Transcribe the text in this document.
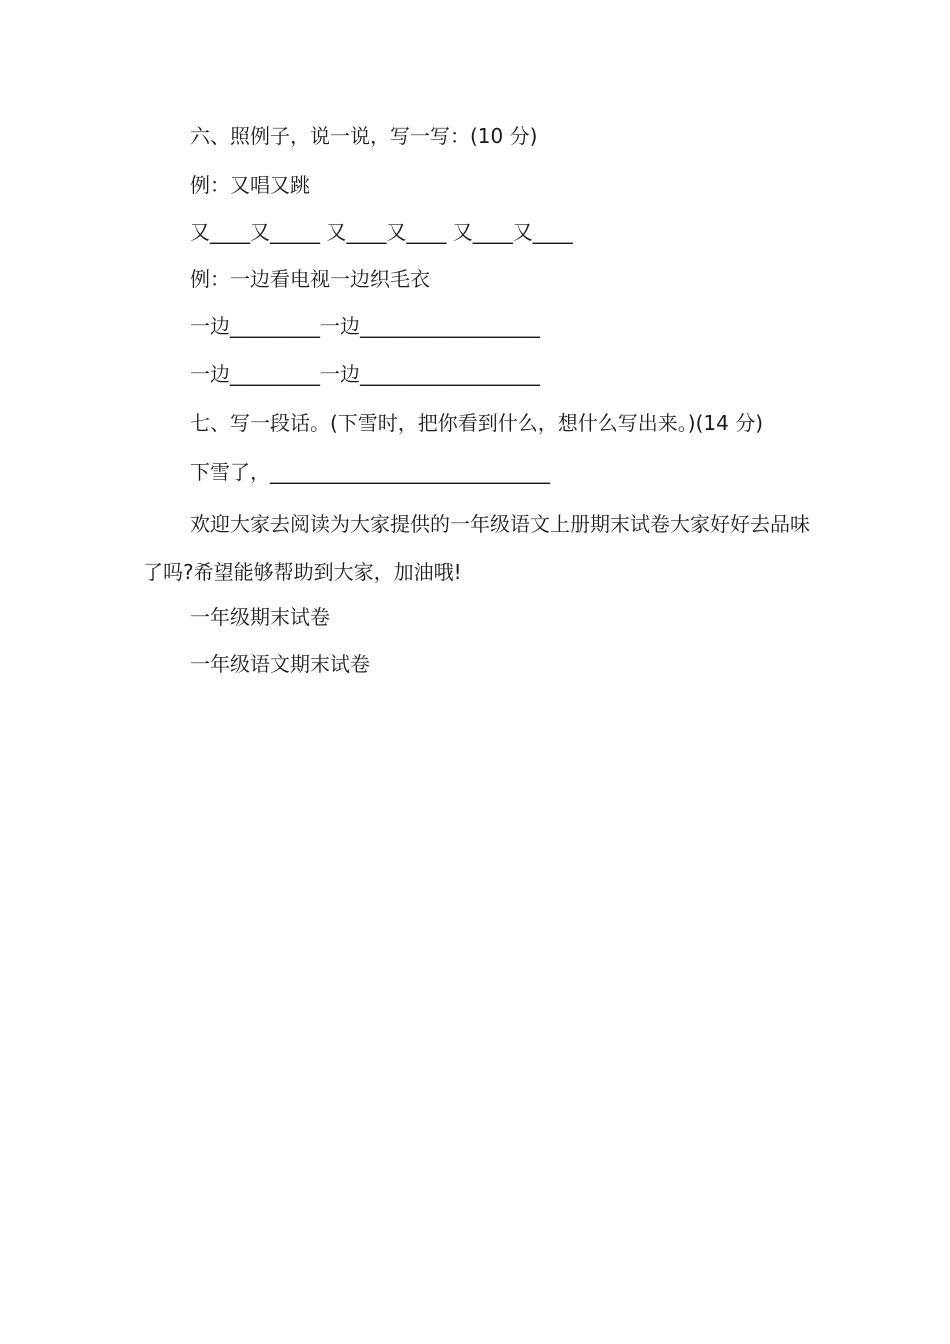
六、照例子，说一说，写一写：(10 分)
例：又唱又跳
又____又_____ 又____又____ 又____又____
例：一边看电视一边织毛衣
一边_________一边__________________
一边_________一边__________________
七、写一段话。(下雪时，把你看到什么，想什么写出来。)(14 分)
下雪了，____________________________
欢迎大家去阅读为大家提供的一年级语文上册期末试卷大家好好去品味了吗?希望能够帮助到大家，加油哦!
一年级期末试卷
一年级语文期末试卷
